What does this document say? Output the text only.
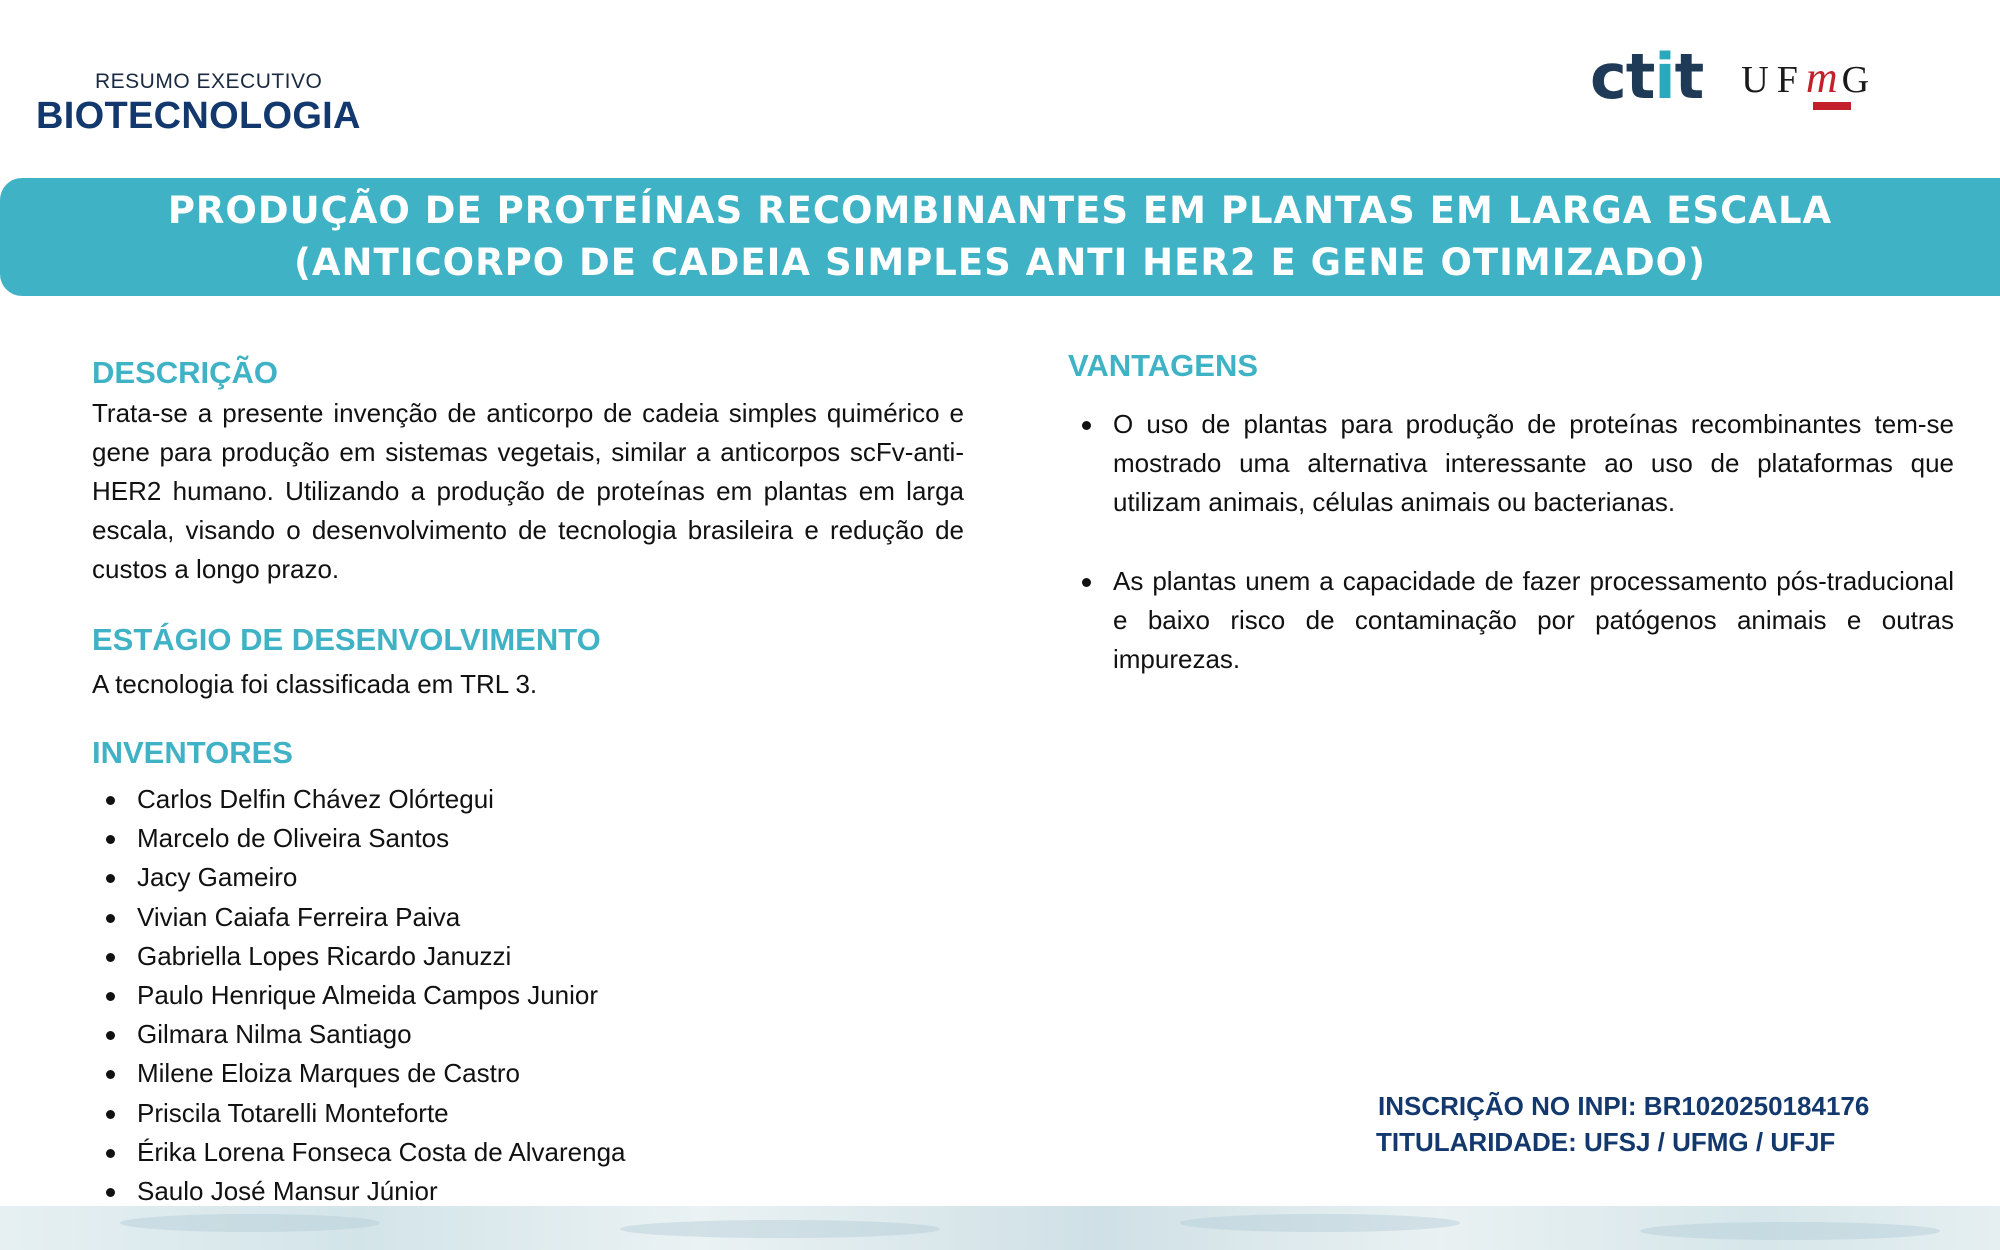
RESUMO EXECUTIVO
BIOTECNOLOGIA
ctit UFmG
PRODUÇÃO DE PROTEÍNAS RECOMBINANTES EM PLANTAS EM LARGA ESCALA (ANTICORPO DE CADEIA SIMPLES ANTI HER2 E GENE OTIMIZADO)
DESCRIÇÃO

Trata-se a presente invenção de anticorpo de cadeia simples quimérico e gene para produção em sistemas vegetais, similar a anticorpos scFv-anti-HER2 humano. Utilizando a produção de proteínas em plantas em larga escala, visando o desenvolvimento de tecnologia brasileira e redução de custos a longo prazo.

ESTÁGIO DE DESENVOLVIMENTO

A tecnologia foi classificada em TRL 3.

INVENTORES
Carlos Delfin Chávez Olórtegui
Marcelo de Oliveira Santos
Jacy Gameiro
Vivian Caiafa Ferreira Paiva
Gabriella Lopes Ricardo Januzzi
Paulo Henrique Almeida Campos Junior
Gilmara Nilma Santiago
Milene Eloiza Marques de Castro
Priscila Totarelli Monteforte
Érika Lorena Fonseca Costa de Alvarenga
Saulo José Mansur Júnior
VANTAGENS
O uso de plantas para produção de proteínas recombinantes tem-se mostrado uma alternativa interessante ao uso de plataformas que utilizam animais, células animais ou bacterianas.
As plantas unem a capacidade de fazer processamento pós-traducional e baixo risco de contaminação por patógenos animais e outras impurezas.
INSCRIÇÃO NO INPI: BR1020250184176
TITULARIDADE: UFSJ / UFMG / UFJF
